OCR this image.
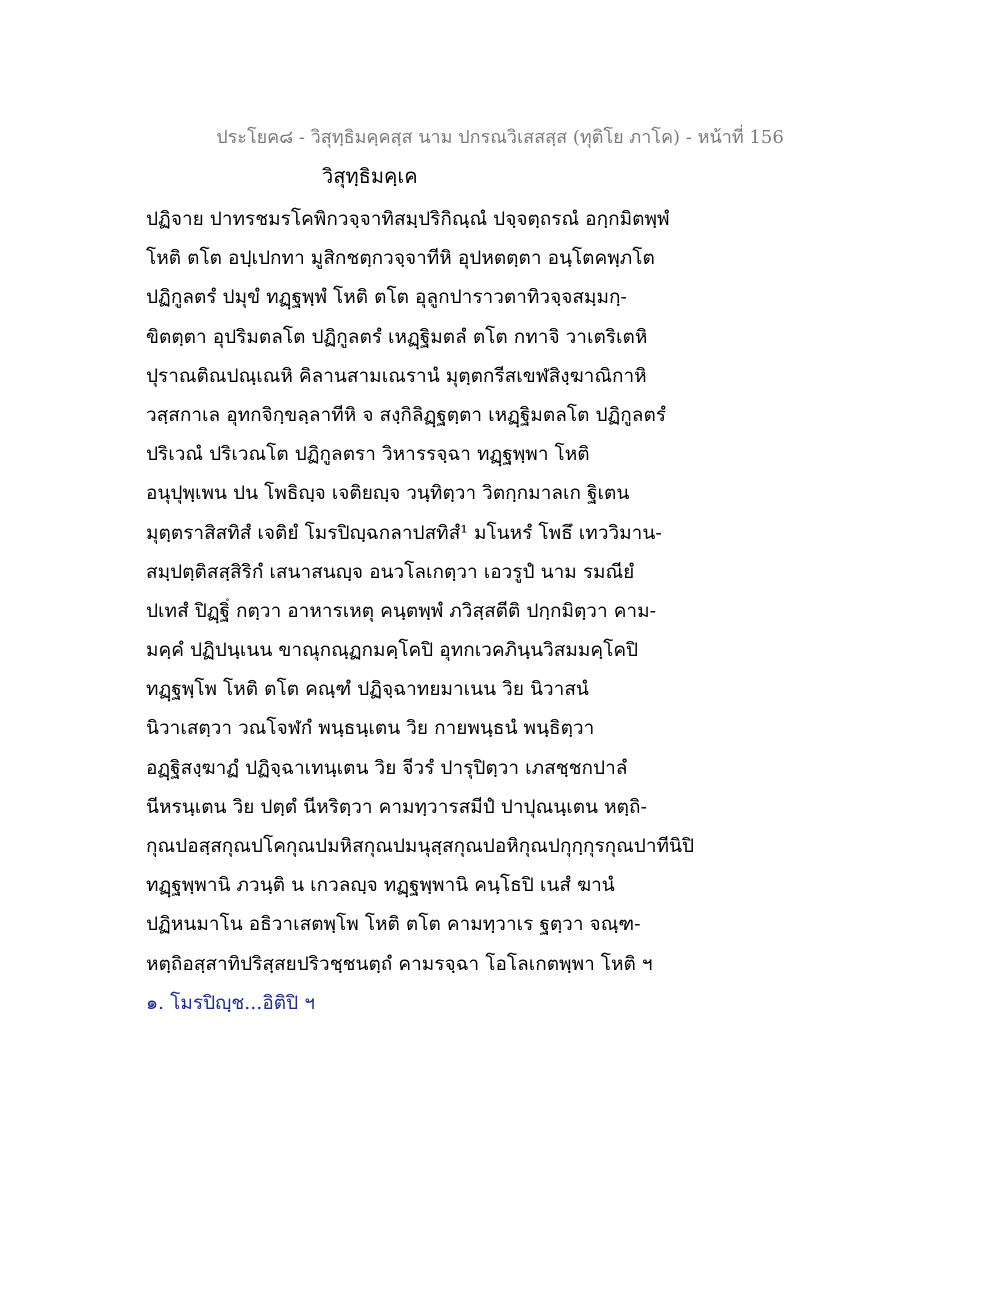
ประโยค๘ - วิสุทฺธิมคฺคสฺส นาม ปกรณวิเสสสฺส (ทุติโย ภาโค) - หน้าที่ 156
วิสุทฺธิมคฺเค
ปฏิจาย ปาทรชมรโคพิกวจฺจาทิสมฺปริกิณฺณํ ปจฺจตฺถรณํ อกฺกมิตพฺพํ
โหติ ตโต อปฺเปกทา มูสิกชตฺกวจฺจาทีหิ อุปหตตฺตา อนฺโตคพฺภโต
ปฏิกูลตรํ ปมุขํ ทฏฺฐพฺพํ โหติ ตโต อุลูกปาราวตาทิวจฺจสมฺมกฺ-
ขิตตฺตา อุปริมตลโต ปฏิกูลตรํ เหฏฺฐิมตลํ ตโต กทาจิ วาเตริเตหิ
ปุราณติณปณฺเณหิ คิลานสามเณรานํ มุตฺตกรีสเขฬสิงฺฆาณิกาหิ
วสฺสกาเล อุทกจิกฺขลฺลาทีหิ จ สงฺกิลิฏฺฐตฺตา เหฏฺฐิมตลโต ปฏิกูลตรํ
ปริเวณํ ปริเวณโต ปฏิกูลตรา วิหารรจฺฉา ทฏฺฐพฺพา โหติ
อนุปุพฺเพน ปน โพธิญฺจ เจติยญฺจ วนฺทิตฺวา วิตกฺกมาลเก ฐิเตน
มุตฺตราสิสทิสํ เจติยํ โมรปิญฺฉกลาปสทิสํ¹ มโนหรํ โพธึ เทววิมาน-
สมฺปตฺติสสฺสิริกํ เสนาสนญฺจ อนวโลเกตฺวา เอวรูปํ นาม รมณียํ
ปเทสํ ปิฏฺฐิํ กตฺวา อาหารเหตุ คนฺตพฺพํ ภวิสฺสตีติ ปกฺกมิตฺวา คาม-
มคฺคํ ปฏิปนฺเนน ขาณุกณฺฏกมคฺโคปิ อุทกเวคภินฺนวิสมมคฺโคปิ
ทฏฺฐพฺโพ โหติ ตโต คณฺฑํ ปฏิจฺฉาทยมาเนน วิย นิวาสนํ
นิวาเสตฺวา วณโจฬกํ พนฺธนฺเตน วิย กายพนฺธนํ พนฺธิตฺวา
อฏฺฐิสงฺฆาฏํ ปฏิจฺฉาเทนฺเตน วิย จีวรํ ปารุปิตฺวา เภสชฺชกปาลํ
นีหรนฺเตน วิย ปตฺตํ นีหริตฺวา คามทฺวารสมีปํ ปาปุณนฺเตน หตฺถิ-
กุณปอสฺสกุณปโคกุณปมหิสกุณปมนุสฺสกุณปอหิกุณปกุกฺกุรกุณปาทีนิปิ
ทฏฺฐพฺพานิ ภวนฺติ น เกวลญฺจ ทฏฺฐพฺพานิ คนฺโธปิ เนสํ ฆานํ
ปฏิหนมาโน อธิวาเสตพฺโพ โหติ ตโต คามทฺวาเร ฐตฺวา จณฺฑ-
หตฺถิอสฺสาทิปริสฺสยปริวชฺชนตฺถํ คามรจฺฉา โอโลเกตพฺพา โหติ ฯ
๑. โมรปิญฺช...อิติปิ ฯ
